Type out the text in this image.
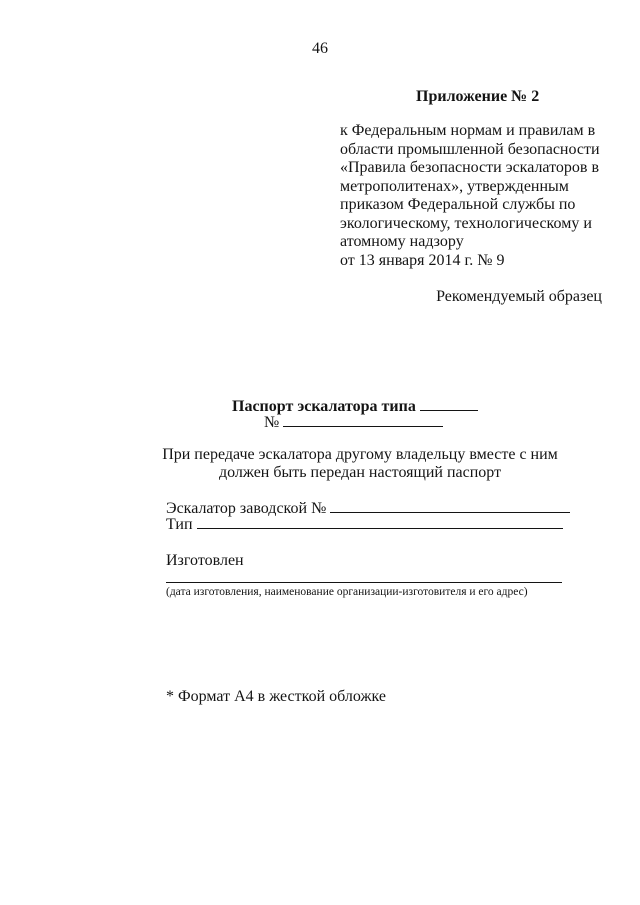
46
Приложение № 2
к Федеральным нормам и правилам в
области промышленной безопасности
«Правила безопасности эскалаторов в
метрополитенах», утвержденным
приказом Федеральной службы по
экологическому, технологическому и
атомному надзору
от 13 января 2014 г. № 9
Рекомендуемый образец
Паспорт эскалатора типа
№
При передаче эскалатора другому владельцу вместе с ним
должен быть передан настоящий паспорт
Эскалатор заводской №
Тип
Изготовлен
(дата изготовления, наименование организации-изготовителя и его адрес)
* Формат А4 в жесткой обложке
